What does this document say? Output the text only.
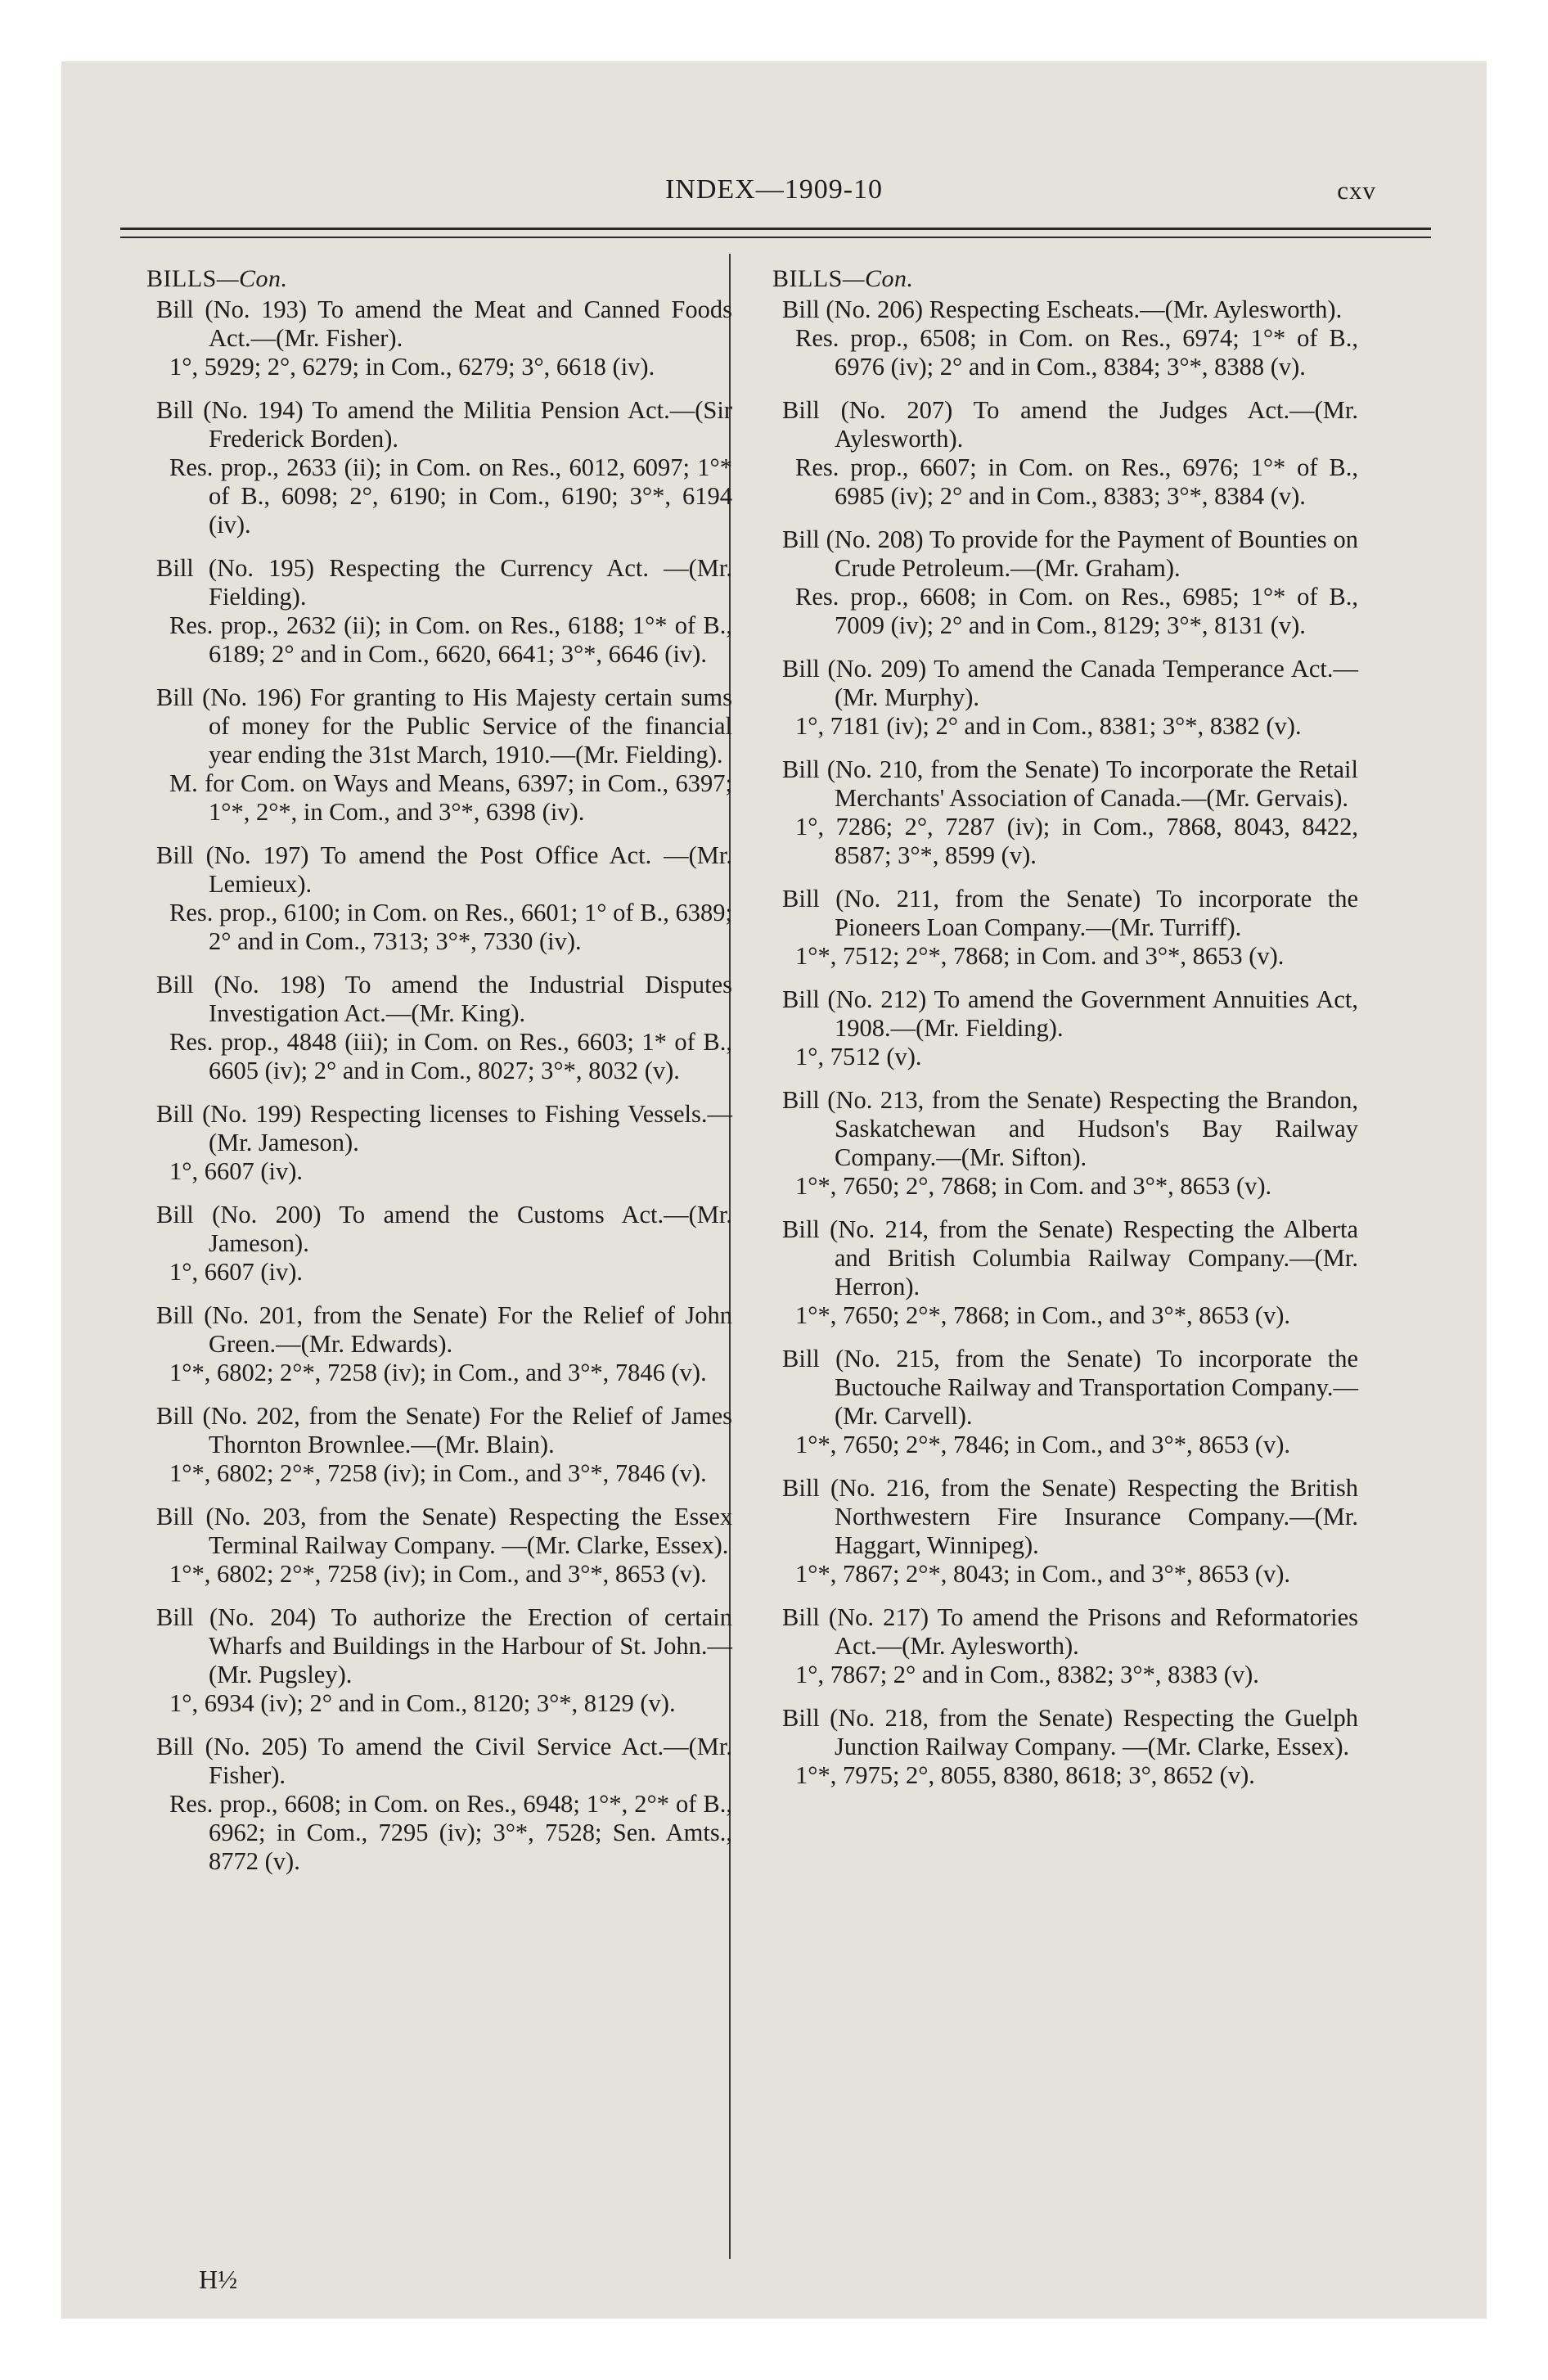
INDEX—1909-10	cxv
BILLS—Con.

Bill (No. 193) To amend the Meat and Canned Foods Act.—(Mr. Fisher).

1°, 5929; 2°, 6279; in Com., 6279; 3°, 6618 (iv).

Bill (No. 194) To amend the Militia Pension Act.—(Sir Frederick Borden).

Res. prop., 2633 (ii); in Com. on Res., 6012, 6097; 1°* of B., 6098; 2°, 6190; in Com., 6190; 3°*, 6194 (iv).

Bill (No. 195) Respecting the Currency Act. —(Mr. Fielding).

Res. prop., 2632 (ii); in Com. on Res., 6188; 1°* of B., 6189; 2° and in Com., 6620, 6641; 3°*, 6646 (iv).

Bill (No. 196) For granting to His Majesty certain sums of money for the Public Service of the financial year ending the 31st March, 1910.—(Mr. Fielding).

M. for Com. on Ways and Means, 6397; in Com., 6397; 1°*, 2°*, in Com., and 3°*, 6398 (iv).

Bill (No. 197) To amend the Post Office Act. —(Mr. Lemieux).

Res. prop., 6100; in Com. on Res., 6601; 1° of B., 6389; 2° and in Com., 7313; 3°*, 7330 (iv).

Bill (No. 198) To amend the Industrial Disputes Investigation Act.—(Mr. King).

Res. prop., 4848 (iii); in Com. on Res., 6603; 1* of B., 6605 (iv); 2° and in Com., 8027; 3°*, 8032 (v).

Bill (No. 199) Respecting licenses to Fishing Vessels.—(Mr. Jameson).

1°, 6607 (iv).

Bill (No. 200) To amend the Customs Act.—(Mr. Jameson).

1°, 6607 (iv).

Bill (No. 201, from the Senate) For the Relief of John Green.—(Mr. Edwards).

1°*, 6802; 2°*, 7258 (iv); in Com., and 3°*, 7846 (v).

Bill (No. 202, from the Senate) For the Relief of James Thornton Brownlee.—(Mr. Blain).

1°*, 6802; 2°*, 7258 (iv); in Com., and 3°*, 7846 (v).

Bill (No. 203, from the Senate) Respecting the Essex Terminal Railway Company. —(Mr. Clarke, Essex).

1°*, 6802; 2°*, 7258 (iv); in Com., and 3°*, 8653 (v).

Bill (No. 204) To authorize the Erection of certain Wharfs and Buildings in the Harbour of St. John.—(Mr. Pugsley).

1°, 6934 (iv); 2° and in Com., 8120; 3°*, 8129 (v).

Bill (No. 205) To amend the Civil Service Act.—(Mr. Fisher).

Res. prop., 6608; in Com. on Res., 6948; 1°*, 2°* of B., 6962; in Com., 7295 (iv); 3°*, 7528; Sen. Amts., 8772 (v).

BILLS—Con.

Bill (No. 206) Respecting Escheats.—(Mr. Aylesworth).

Res. prop., 6508; in Com. on Res., 6974; 1°* of B., 6976 (iv); 2° and in Com., 8384; 3°*, 8388 (v).

Bill (No. 207) To amend the Judges Act.—(Mr. Aylesworth).

Res. prop., 6607; in Com. on Res., 6976; 1°* of B., 6985 (iv); 2° and in Com., 8383; 3°*, 8384 (v).

Bill (No. 208) To provide for the Payment of Bounties on Crude Petroleum.—(Mr. Graham).

Res. prop., 6608; in Com. on Res., 6985; 1°* of B., 7009 (iv); 2° and in Com., 8129; 3°*, 8131 (v).

Bill (No. 209) To amend the Canada Temperance Act.—(Mr. Murphy).

1°, 7181 (iv); 2° and in Com., 8381; 3°*, 8382 (v).

Bill (No. 210, from the Senate) To incorporate the Retail Merchants' Association of Canada.—(Mr. Gervais).

1°, 7286; 2°, 7287 (iv); in Com., 7868, 8043, 8422, 8587; 3°*, 8599 (v).

Bill (No. 211, from the Senate) To incorporate the Pioneers Loan Company.—(Mr. Turriff).

1°*, 7512; 2°*, 7868; in Com. and 3°*, 8653 (v).

Bill (No. 212) To amend the Government Annuities Act, 1908.—(Mr. Fielding).

1°, 7512 (v).

Bill (No. 213, from the Senate) Respecting the Brandon, Saskatchewan and Hudson's Bay Railway Company.—(Mr. Sifton).

1°*, 7650; 2°, 7868; in Com. and 3°*, 8653 (v).

Bill (No. 214, from the Senate) Respecting the Alberta and British Columbia Railway Company.—(Mr. Herron).

1°*, 7650; 2°*, 7868; in Com., and 3°*, 8653 (v).

Bill (No. 215, from the Senate) To incorporate the Buctouche Railway and Transportation Company.—(Mr. Carvell).

1°*, 7650; 2°*, 7846; in Com., and 3°*, 8653 (v).

Bill (No. 216, from the Senate) Respecting the British Northwestern Fire Insurance Company.—(Mr. Haggart, Winnipeg).

1°*, 7867; 2°*, 8043; in Com., and 3°*, 8653 (v).

Bill (No. 217) To amend the Prisons and Reformatories Act.—(Mr. Aylesworth).

1°, 7867; 2° and in Com., 8382; 3°*, 8383 (v).

Bill (No. 218, from the Senate) Respecting the Guelph Junction Railway Company. —(Mr. Clarke, Essex).

1°*, 7975; 2°, 8055, 8380, 8618; 3°, 8652 (v).

H½
